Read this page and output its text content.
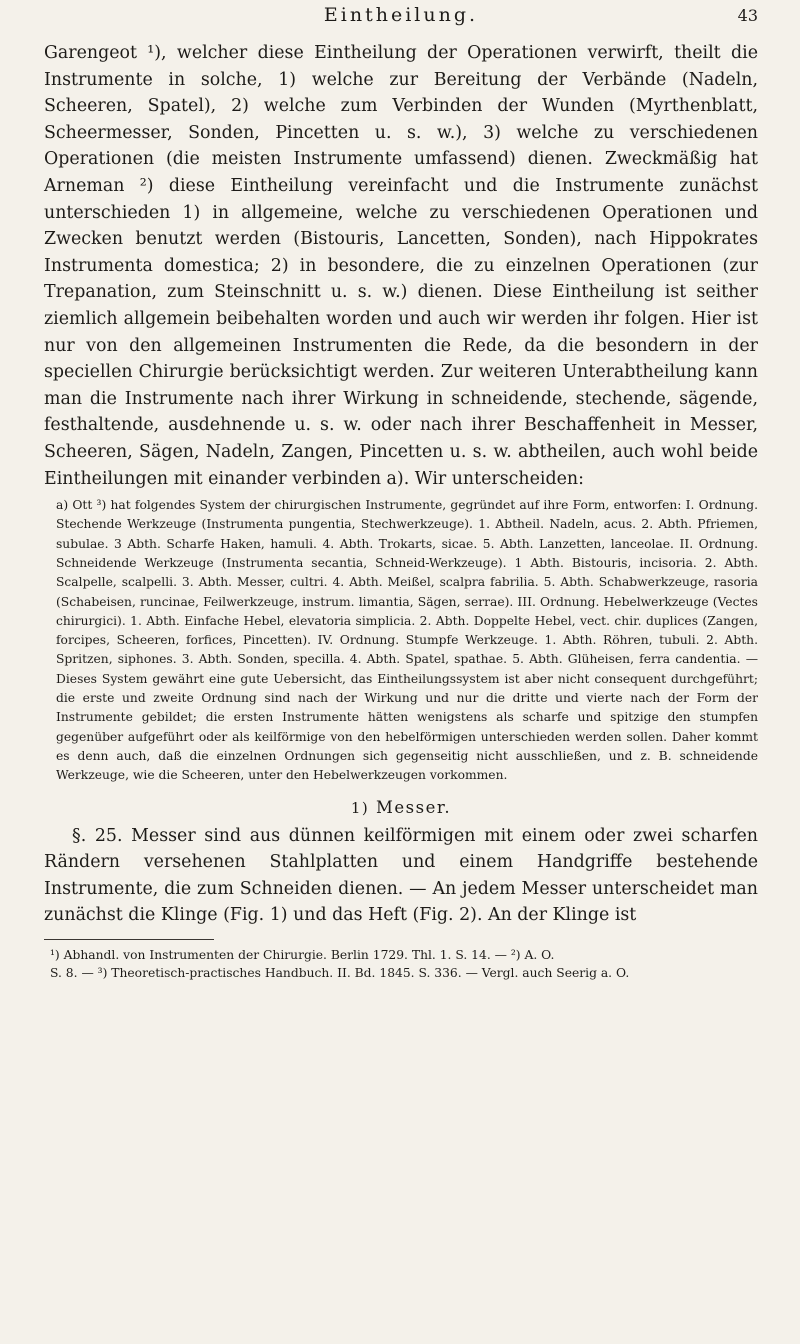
Eintheilung.	43

Garengeot ¹), welcher diese Eintheilung der Operationen verwirft, theilt die Instrumente in solche, 1) welche zur Bereitung der Verbände (Nadeln, Scheeren, Spatel), 2) welche zum Verbinden der Wunden (Myrthenblatt, Scheermesser, Sonden, Pincetten u. s. w.), 3) welche zu verschiedenen Operationen (die meisten Instrumente umfassend) dienen. Zweckmäßig hat Arneman ²) diese Eintheilung vereinfacht und die Instrumente zunächst unterschieden 1) in allgemeine, welche zu verschiedenen Operationen und Zwecken benutzt werden (Bistouris, Lancetten, Sonden), nach Hippokrates Instrumenta domestica; 2) in besondere, die zu einzelnen Operationen (zur Trepanation, zum Steinschnitt u. s. w.) dienen. Diese Eintheilung ist seither ziemlich allgemein beibehalten worden und auch wir werden ihr folgen. Hier ist nur von den allgemeinen Instrumenten die Rede, da die besondern in der speciellen Chirurgie berücksichtigt werden. Zur weiteren Unterabtheilung kann man die Instrumente nach ihrer Wirkung in schneidende, stechende, sägende, festhaltende, ausdehnende u. s. w. oder nach ihrer Beschaffenheit in Messer, Scheeren, Sägen, Nadeln, Zangen, Pincetten u. s. w. abtheilen, auch wohl beide Eintheilungen mit einander verbinden a). Wir unterscheiden:

a) Ott ³) hat folgendes System der chirurgischen Instrumente, gegründet auf ihre Form, entworfen: I. Ordnung. Stechende Werkzeuge (Instrumenta pungentia, Stechwerkzeuge). 1. Abtheil. Nadeln, acus. 2. Abth. Pfriemen, subulae. 3 Abth. Scharfe Haken, hamuli. 4. Abth. Trokarts, sicae. 5. Abth. Lanzetten, lanceolae. II. Ordnung. Schneidende Werkzeuge (Instrumenta secantia, Schneid-Werkzeuge). 1 Abth. Bistouris, incisoria. 2. Abth. Scalpelle, scalpelli. 3. Abth. Messer, cultri. 4. Abth. Meißel, scalpra fabrilia. 5. Abth. Schabwerkzeuge, rasoria (Schabeisen, runcinae, Feilwerkzeuge, instrum. limantia, Sägen, serrae). III. Ordnung. Hebelwerkzeuge (Vectes chirurgici). 1. Abth. Einfache Hebel, elevatoria simplicia. 2. Abth. Doppelte Hebel, vect. chir. duplices (Zangen, forcipes, Scheeren, forfices, Pincetten). IV. Ordnung. Stumpfe Werkzeuge. 1. Abth. Röhren, tubuli. 2. Abth. Spritzen, siphones. 3. Abth. Sonden, specilla. 4. Abth. Spatel, spathae. 5. Abth. Glüheisen, ferra candentia. — Dieses System gewährt eine gute Uebersicht, das Eintheilungssystem ist aber nicht consequent durchgeführt; die erste und zweite Ordnung sind nach der Wirkung und nur die dritte und vierte nach der Form der Instrumente gebildet; die ersten Instrumente hätten wenigstens als scharfe und spitzige den stumpfen gegenüber aufgeführt oder als keilförmige von den hebelförmigen unterschieden werden sollen. Daher kommt es denn auch, daß die einzelnen Ordnungen sich gegenseitig nicht ausschließen, und z. B. schneidende Werkzeuge, wie die Scheeren, unter den Hebelwerkzeugen vorkommen.

1) Messer.

§. 25. Messer sind aus dünnen keilförmigen mit einem oder zwei scharfen Rändern versehenen Stahlplatten und einem Handgriffe bestehende Instrumente, die zum Schneiden dienen. — An jedem Messer unterscheidet man zunächst die Klinge (Fig. 1) und das Heft (Fig. 2). An der Klinge ist

¹) Abhandl. von Instrumenten der Chirurgie. Berlin 1729. Thl. 1. S. 14. — ²) A. O.

S. 8. — ³) Theoretisch-practisches Handbuch. II. Bd. 1845. S. 336. — Vergl. auch Seerig a. O.
